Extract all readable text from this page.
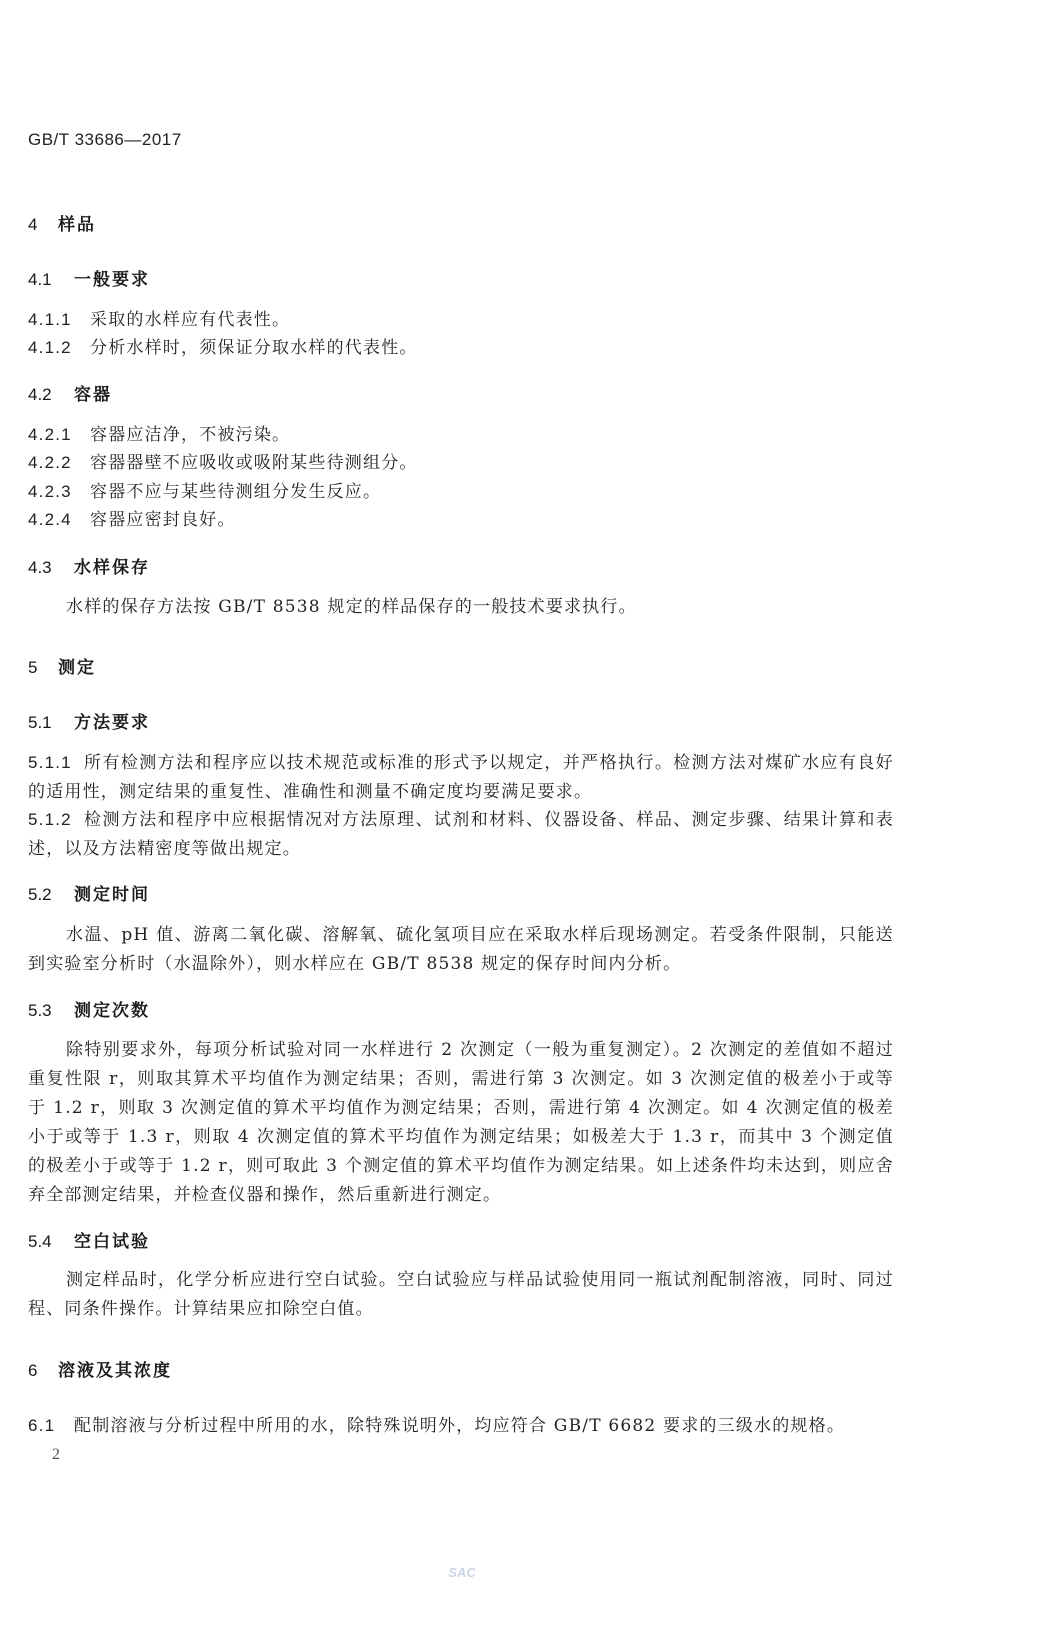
GB/T 33686—2017
4 样品
4.1 一般要求
4.1.1 采取的水样应有代表性。
4.1.2 分析水样时，须保证分取水样的代表性。
4.2 容器
4.2.1 容器应洁净，不被污染。
4.2.2 容器器壁不应吸收或吸附某些待测组分。
4.2.3 容器不应与某些待测组分发生反应。
4.2.4 容器应密封良好。
4.3 水样保存
水样的保存方法按 GB/T 8538 规定的样品保存的一般技术要求执行。
5 测定
5.1 方法要求
5.1.1 所有检测方法和程序应以技术规范或标准的形式予以规定，并严格执行。检测方法对煤矿水应有良好的适用性，测定结果的重复性、准确性和测量不确定度均要满足要求。
5.1.2 检测方法和程序中应根据情况对方法原理、试剂和材料、仪器设备、样品、测定步骤、结果计算和表述，以及方法精密度等做出规定。
5.2 测定时间
水温、pH 值、游离二氧化碳、溶解氧、硫化氢项目应在采取水样后现场测定。若受条件限制，只能送到实验室分析时（水温除外），则水样应在 GB/T 8538 规定的保存时间内分析。
5.3 测定次数
除特别要求外，每项分析试验对同一水样进行 2 次测定（一般为重复测定）。2 次测定的差值如不超过重复性限 r，则取其算术平均值作为测定结果；否则，需进行第 3 次测定。如 3 次测定值的极差小于或等于 1.2 r，则取 3 次测定值的算术平均值作为测定结果；否则，需进行第 4 次测定。如 4 次测定值的极差小于或等于 1.3 r，则取 4 次测定值的算术平均值作为测定结果；如极差大于 1.3 r，而其中 3 个测定值的极差小于或等于 1.2 r，则可取此 3 个测定值的算术平均值作为测定结果。如上述条件均未达到，则应舍弃全部测定结果，并检查仪器和操作，然后重新进行测定。
5.4 空白试验
测定样品时，化学分析应进行空白试验。空白试验应与样品试验使用同一瓶试剂配制溶液，同时、同过程、同条件操作。计算结果应扣除空白值。
6 溶液及其浓度
6.1 配制溶液与分析过程中所用的水，除特殊说明外，均应符合 GB/T 6682 要求的三级水的规格。
2
SAC
